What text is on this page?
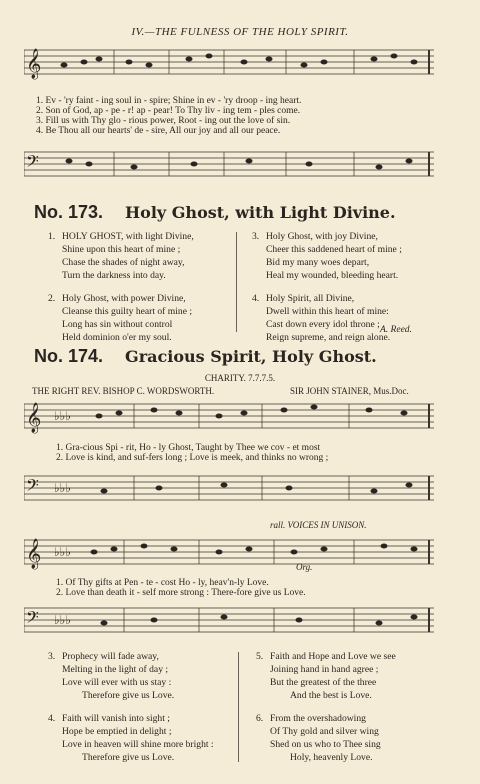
IV.—THE FULNESS OF THE HOLY SPIRIT.
𝄞
1. Ev - 'ry faint - ing soul in - spire; Shine in ev - 'ry droop - ing heart.
2. Son of God, ap - pe - r! ap - pear! To Thy liv - ing tem - ples come.
3. Fill us with Thy glo - rious power, Root - ing out the love of sin.
4. Be Thou all our hearts' de - sire, All our joy and all our peace.
𝄢
No. 173. Holy Ghost, with Light Divine.
1. HOLY GHOST, with light Divine,
Shine upon this heart of mine ;
Chase the shades of night away,
Turn the darkness into day.
2. Holy Ghost, with power Divine,
Cleanse this guilty heart of mine ;
Long has sin without control
Held dominion o'er my soul.
3. Holy Ghost, with joy Divine,
Cheer this saddened heart of mine ;
Bid my many woes depart,
Heal my wounded, bleeding heart.
4. Holy Spirit, all Divine,
Dwell within this heart of mine:
Cast down every idol throne ;
Reign supreme, and reign alone.
A. Reed.
No. 174. Gracious Spirit, Holy Ghost.
CHARITY. 7.7.7.5.
THE RIGHT REV. BISHOP C. WORDSWORTH.	SIR JOHN STAINER, Mus.Doc.
𝄞 ♭♭♭
1. Gra-cious Spi - rit, Ho - ly Ghost, Taught by Thee we cov - et most
2. Love is kind, and suf-fers long ; Love is meek, and thinks no wrong ;
𝄢 ♭♭♭
rall. VOICES IN UNISON.
𝄞 ♭♭♭
Org.
1. Of Thy gifts at Pen - te - cost Ho - ly, heav'n-ly Love.
2. Love than death it - self more strong : There-fore give us Love.
𝄢 ♭♭♭
3. Prophecy will fade away,
Melting in the light of day ;
Love will ever with us stay :
Therefore give us Love.
4. Faith will vanish into sight ;
Hope be emptied in delight ;
Love in heaven will shine more bright :
Therefore give us Love.
5. Faith and Hope and Love we see
Joining hand in hand agree ;
But the greatest of the three
And the best is Love.
6. From the overshadowing
Of Thy gold and silver wing
Shed on us who to Thee sing
Holy, heavenly Love.
